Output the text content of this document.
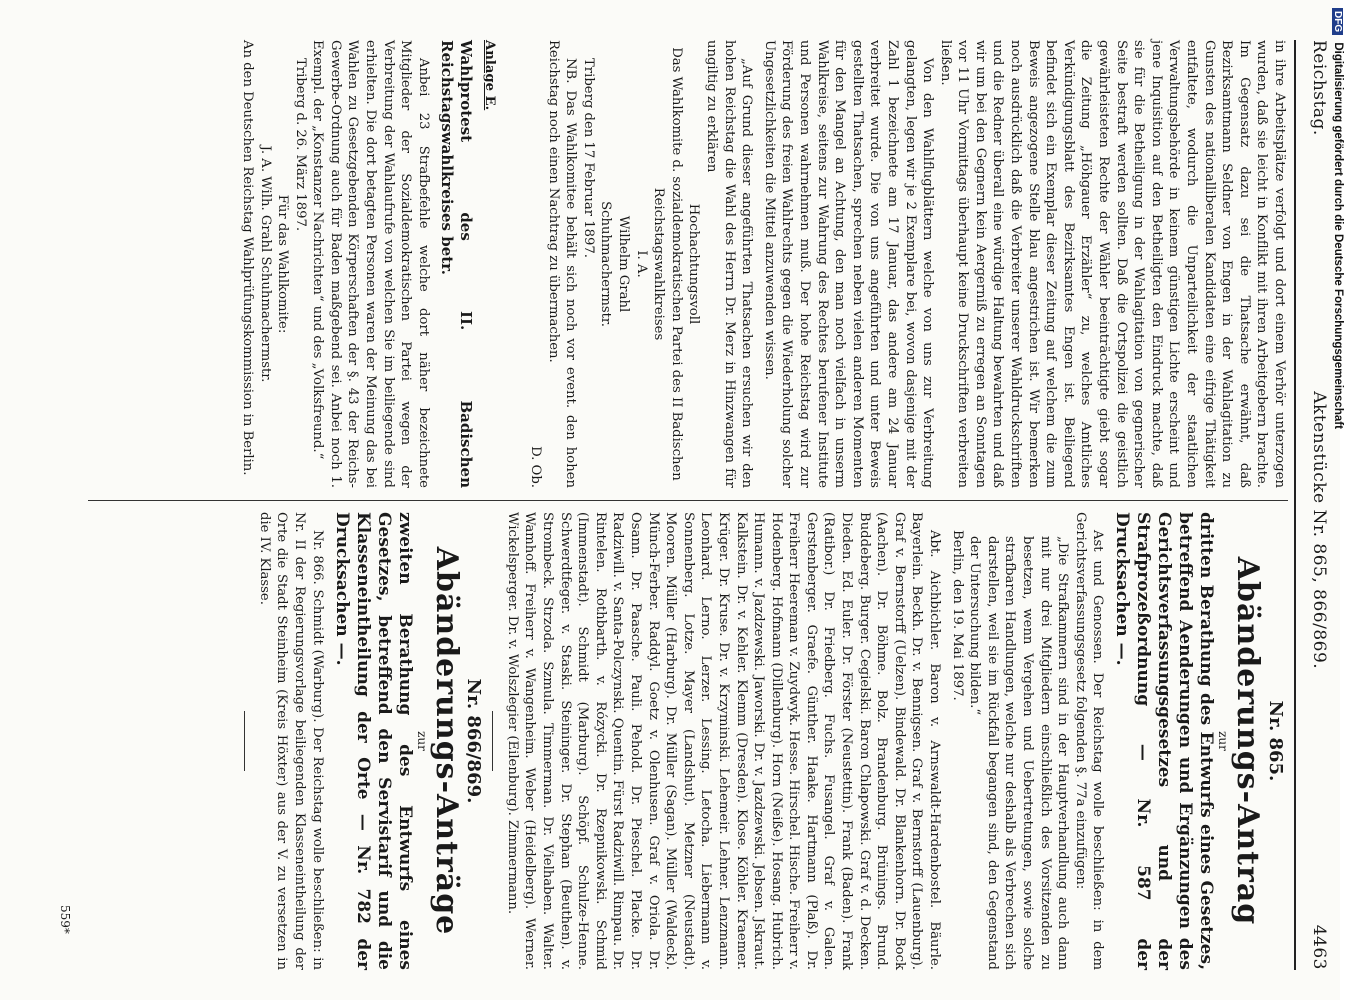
Reichstag.
Aktenstücke Nr. 865, 866/869.
4463

in ihre Arbeitsplätze verfolgt und dort einem Verhör unterzogen wurden, daß sie leicht in Konflikt mit ihren Arbeitgebern brachte. Im Gegensatz dazu sei die Thatsache erwähnt, daß Bezirksamtmann Seldner von Engen in der Wahlagitation zu Gunsten des nationalliberalen Kandidaten eine eifrige Thätigkeit entfaltete, wodurch die Unparteilichkeit der staatlichen Verwaltungsbehörde in keinem günstigen Lichte erscheint und jene Inquisition auf den Betheiligten den Eindruck machte, daß sie für die Betheiligung in der Wahlagitation von gegnerischer Seite bestraft werden sollten. Daß die Ortspolizei die geistlich gewährleisteten Rechte der Wähler beeinträchtigte giebt sogar die Zeitung „Höhgauer Erzähler“ zu, welches Amtliches Verkündigungsblatt des Bezirksamtes Engen ist. Beiliegend befindet sich ein Exemplar dieser Zeitung auf welchem die zum Beweis angezogene Stelle blau angestrichen ist. Wir bemerken noch ausdrücklich daß die Verbreiter unserer Wahldruckschriften und die Redner überall eine würdige Haltung bewahrten und daß wir um bei den Gegnern kein Aergerniß zu erregen an Sonntagen vor 11 Uhr Vormittags überhaupt keine Druckschriften verbreiten ließen.

Von den Wahlflugblättern welche von uns zur Verbreitung gelangten, legen wir je 2 Exemplare bei, wovon dasjenige mit der Zahl 1 bezeichnete am 17 Januar, das andere am 24 Januar verbreitet wurde. Die von uns angeführten und unter Beweis gestellten Thatsachen, sprechen neben vielen anderen Momenten für den Mangel an Achtung, den man noch vielfach in unserm Wahlkreise, seitens zur Wahrung des Rechtes berufener Institute und Personen wahrnehmen muß. Der hohe Reichstag wird zur Förderung des freien Wahlrechts gegen die Wiederholung solcher Ungesetzlichkeiten die Mittel anzuwenden wissen.

„Auf Grund dieser angeführten Thatsachen ersuchen wir den hohen Reichstag die Wahl des Herrn Dr. Merz in Hinzwangen für ungiltig zu erklären

Hochachtungsvoll

Das Wahlkomite d. sozialdemokratischen Partei des II Badischen Reichstagswahlkreises

I. A.

Wilhelm Grahl

Schuhmachermstr.

Triberg den 17 Februar 1897.

NB. Das Wahlkomitee behält sich noch vor event. den hohen Reichstag noch einen Nachtrag zu übermachen.

D. Ob.

Anlage E.

Wahlprotest des II. Badischen Reichstagswahlkreises betr.

Anbei 23 Strafbefehle welche dort näher bezeichnete Mitglieder der Sozialdemokratischen Partei wegen der Verbreitung der Wahlaufrufe von welchen Sie im beiliegende sind erhielten. Die dort betagten Personen waren der Meinung das bei Wahlen zu Gesetzgebenden Körperschaften der §. 43 der Reichs-Gewerbe-Ordnung auch für Baden maßgebend sei. Anbei noch 1. Exempl. der „Konstanzer Nachrichten“ und des „Volksfreund.“

Triberg d. 26. März 1897.

Für das Wahlkomite:

J. A. Wilh. Grahl Schuhmachermstr.

An den Deutschen Reichstag Wahlprüfungskommission in Berlin.

Nr. 865.
Abänderungs-Antrag
zur

dritten Berathung des Entwurfs eines Gesetzes, betreffend Aenderungen und Ergänzungen des Gerichtsverfassungsgesetzes und der Strafprozeßordnung — Nr. 587 der Drucksachen —.

Ast und Genossen. Der Reichstag wolle beschließen: in dem Gerichtsverfassungsgesetz folgenden §. 77a einzufügen:

„Die Strafkammern sind in der Hauptverhandlung auch dann mit nur drei Mitgliedern einschließlich des Vorsitzenden zu besetzen, wenn Vergehen und Uebertretungen, sowie solche strafbaren Handlungen, welche nur deshalb als Verbrechen sich darstellen, weil sie im Rückfall begangen sind, den Gegenstand der Untersuchung bilden.“

Berlin, den 19. Mai 1897.

Abt. Aichbichler. Baron v. Arnswaldt-Hardenbostel. Bäurle. Bayerlein. Beckh. Dr. v. Bennigsen. Graf v. Bernstorff (Lauenburg). Graf v. Bernstorff (Uelzen). Bindewald. Dr. Blankenhorn. Dr. Bock (Aachen). Dr. Böhme. Bolz. Brandenburg. Brünings. Brund. Buddeberg. Burger. Cegielski. Baron Chlapowski. Graf v. d. Decken. Dieden. Ed. Euler. Dr. Förster (Neustettin). Frank (Baden). Frank (Ratibor.) Dr. Friedberg. Fuchs. Fusangel. Graf v. Galen. Gerstenberger. Graefe. Günther. Haake. Hartmann (Plaß). Dr. Freiherr Heereman v. Zuydwyk. Hesse. Hirschel. Hische. Freiherr v. Hodenberg. Hofmann (Dillenburg). Horn (Neiße). Hosang. Hubrich. Humann. v. Jazdzewski. Jaworski. Dr. v. Jazdzewski. Jebsen. Jskraut. Kalkstein. Dr. v. Kehler. Klemm (Dresden). Klose. Köhler. Kraemer. Krüger. Dr. Kruse. Dr. v. Krzyminski. Lehemeir. Lehner. Lenzmann. Leonhard. Lerno. Lerzer. Lessing. Letocha. Liebermann v. Sonnenberg. Lotze. Mayer (Landshut). Metzner (Neustadt). Mooren. Müller (Harburg). Dr. Müller (Sagan). Müller (Waldeck). Münch-Ferber. Raddyl. Goetz v. Olenhusen. Graf v. Oriola. Dr. Osann. Dr. Paasche. Pauli. Pehold. Dr. Pieschel. Placke. Dr. Radziwill. v. Santa-Polczynski. Quentin. Fürst Radziwill. Rimpau. Dr. Rintelen. Rothbarth. v. Rózycki. Dr. Rzepnikowski. Schmid (Immenstadt). Schmidt (Marburg). Schöpf. Schulze-Henne. Schwerdtfeger. v. Staski. Steininger. Dr. Stephan (Beuthen). v. Strombeck. Strzoda. Szmula. Timmerman. Dr. Vielhaben. Walter. Wamhoff. Freiherr v. Wangenheim. Weber (Heidelberg). Werner. Wickelsperger. Dr. v. Wolszlegier (Eilenburg). Zimmermann.

Nr. 866/869.
Abänderungs-Anträge
zur

zweiten Berathung des Entwurfs eines Gesetzes, betreffend den Servistarif und die Klasseneintheilung der Orte — Nr. 782 der Drucksachen —.

Nr. 866. Schmidt (Warburg). Der Reichstag wolle beschließen: in Nr. II der Regierungsvorlage beiliegenden Klasseneintheilung der Orte die Stadt Steinheim (Kreis Höxter) aus der V. zu versetzen in die IV. Klasse.

559*
DFG Digitalisierung gefördert durch die Deutsche Forschungsgemeinschaft
